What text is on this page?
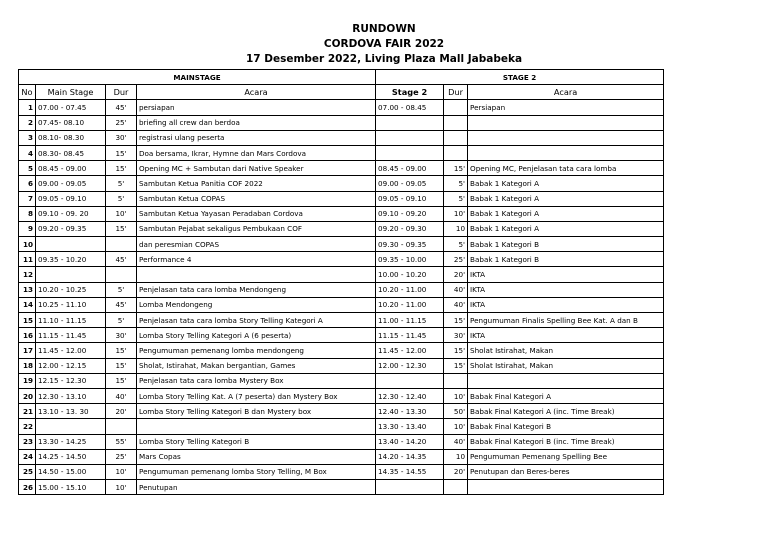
RUNDOWN
CORDOVA FAIR 2022
17 Desember 2022, Living Plaza Mall Jababeka
MAINSTAGE				STAGE 2		
No	Main Stage	Dur	Acara	Stage 2	Dur	Acara
1	07.00 - 07.45	45'	persiapan	07.00 - 08.45		Persiapan
2	07.45- 08.10	25'	briefing all crew dan berdoa			
3	08.10- 08.30	30'	registrasi ulang peserta			
4	08.30- 08.45	15'	Doa bersama, Ikrar, Hymne dan Mars Cordova			
5	08.45 - 09.00	15'	Opening MC + Sambutan dari Native Speaker	08.45 - 09.00	15'	Opening MC, Penjelasan tata cara lomba
6	09.00 - 09.05	5'	Sambutan Ketua Panitia COF 2022	09.00 - 09.05	5'	Babak 1 Kategori A
7	09.05 - 09.10	5'	Sambutan Ketua COPAS	09.05 - 09.10	5'	Babak 1 Kategori A
8	09.10 - 09. 20	10'	Sambutan Ketua Yayasan Peradaban Cordova	09.10 - 09.20	10'	Babak 1 Kategori A
9	09.20 - 09.35	15'	Sambutan Pejabat sekaligus Pembukaan COF	09.20 - 09.30	10	Babak 1 Kategori A
10			dan peresmian COPAS	09.30 - 09.35	5'	Babak 1 Kategori B
11	09.35 - 10.20	45'	Performance 4	09.35 - 10.00	25'	Babak 1 Kategori B
12				10.00 - 10.20	20'	IKTA
13	10.20 - 10.25	5'	Penjelasan tata cara lomba Mendongeng	10.20 - 11.00	40'	IKTA
14	10.25 - 11.10	45'	Lomba Mendongeng	10.20 - 11.00	40'	IKTA
15	11.10 - 11.15	5'	Penjelasan tata cara lomba Story Telling Kategori A	11.00 - 11.15	15'	Pengumuman Finalis Spelling Bee Kat. A dan B
16	11.15 - 11.45	30'	Lomba Story Telling Kategori A (6 peserta)	11.15 - 11.45	30'	IKTA
17	11.45 - 12.00	15'	Pengumuman pemenang lomba mendongeng	11.45 - 12.00	15'	Sholat Istirahat, Makan
18	12.00 - 12.15	15'	Sholat, Istirahat, Makan bergantian, Games	12.00 - 12.30	15'	Sholat Istirahat, Makan
19	12.15 - 12.30	15'	Penjelasan tata cara lomba Mystery Box			
20	12.30 - 13.10	40'	Lomba Story Telling Kat. A (7 peserta) dan Mystery Box	12.30 - 12.40	10'	Babak Final Kategori A
21	13.10 - 13. 30	20'	Lomba Story Telling Kategori B dan Mystery box	12.40 - 13.30	50'	Babak Final Kategori A (inc. Time Break)
22				13.30 - 13.40	10'	Babak Final Kategori B
23	13.30 - 14.25	55'	Lomba Story Telling Kategori B	13.40 - 14.20	40'	Babak Final Kategori B (inc. Time Break)
24	14.25 - 14.50	25'	Mars Copas	14.20 - 14.35	10	Pengumuman Pemenang Spelling Bee
25	14.50 - 15.00	10'	Pengumuman pemenang lomba Story Telling, M Box	14.35 - 14.55	20'	Penutupan dan Beres-beres
26	15.00 - 15.10	10'	Penutupan			
